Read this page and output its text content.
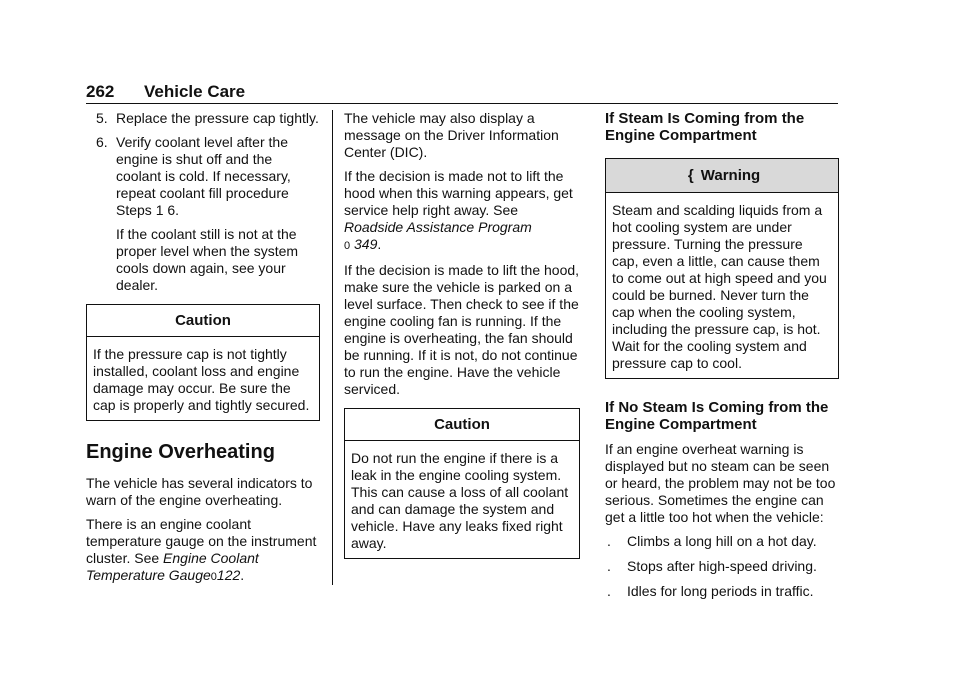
262 Vehicle Care
5. Replace the pressure cap tightly.
6. Verify coolant level after the engine is shut off and the coolant is cold. If necessary, repeat coolant fill procedure Steps 1 6.

If the coolant still is not at the proper level when the system cools down again, see your dealer.

Caution
If the pressure cap is not tightly installed, coolant loss and engine damage may occur. Be sure the cap is properly and tightly secured.
Engine Overheating

The vehicle has several indicators to warn of the engine overheating.

There is an engine coolant temperature gauge on the instrument cluster. See Engine Coolant Temperature Gauge0122.

The vehicle may also display a message on the Driver Information Center (DIC).

If the decision is made not to lift the hood when this warning appears, get service help right away. See Roadside Assistance Program
0 349.

If the decision is made to lift the hood, make sure the vehicle is parked on a level surface. Then check to see if the engine cooling fan is running. If the engine is overheating, the fan should be running. If it is not, do not continue to run the engine. Have the vehicle serviced.

Caution
Do not run the engine if there is a leak in the engine cooling system. This can cause a loss of all coolant and can damage the system and vehicle. Have any leaks fixed right away.
If Steam Is Coming from the Engine Compartment
{ Warning
Steam and scalding liquids from a hot cooling system are under pressure. Turning the pressure cap, even a little, can cause them to come out at high speed and you could be burned. Never turn the cap when the cooling system, including the pressure cap, is hot. Wait for the cooling system and pressure cap to cool.
If No Steam Is Coming from the Engine Compartment

If an engine overheat warning is displayed but no steam can be seen or heard, the problem may not be too serious. Sometimes the engine can get a little too hot when the vehicle:

. Climbs a long hill on a hot day.
. Stops after high-speed driving.
. Idles for long periods in traffic.
